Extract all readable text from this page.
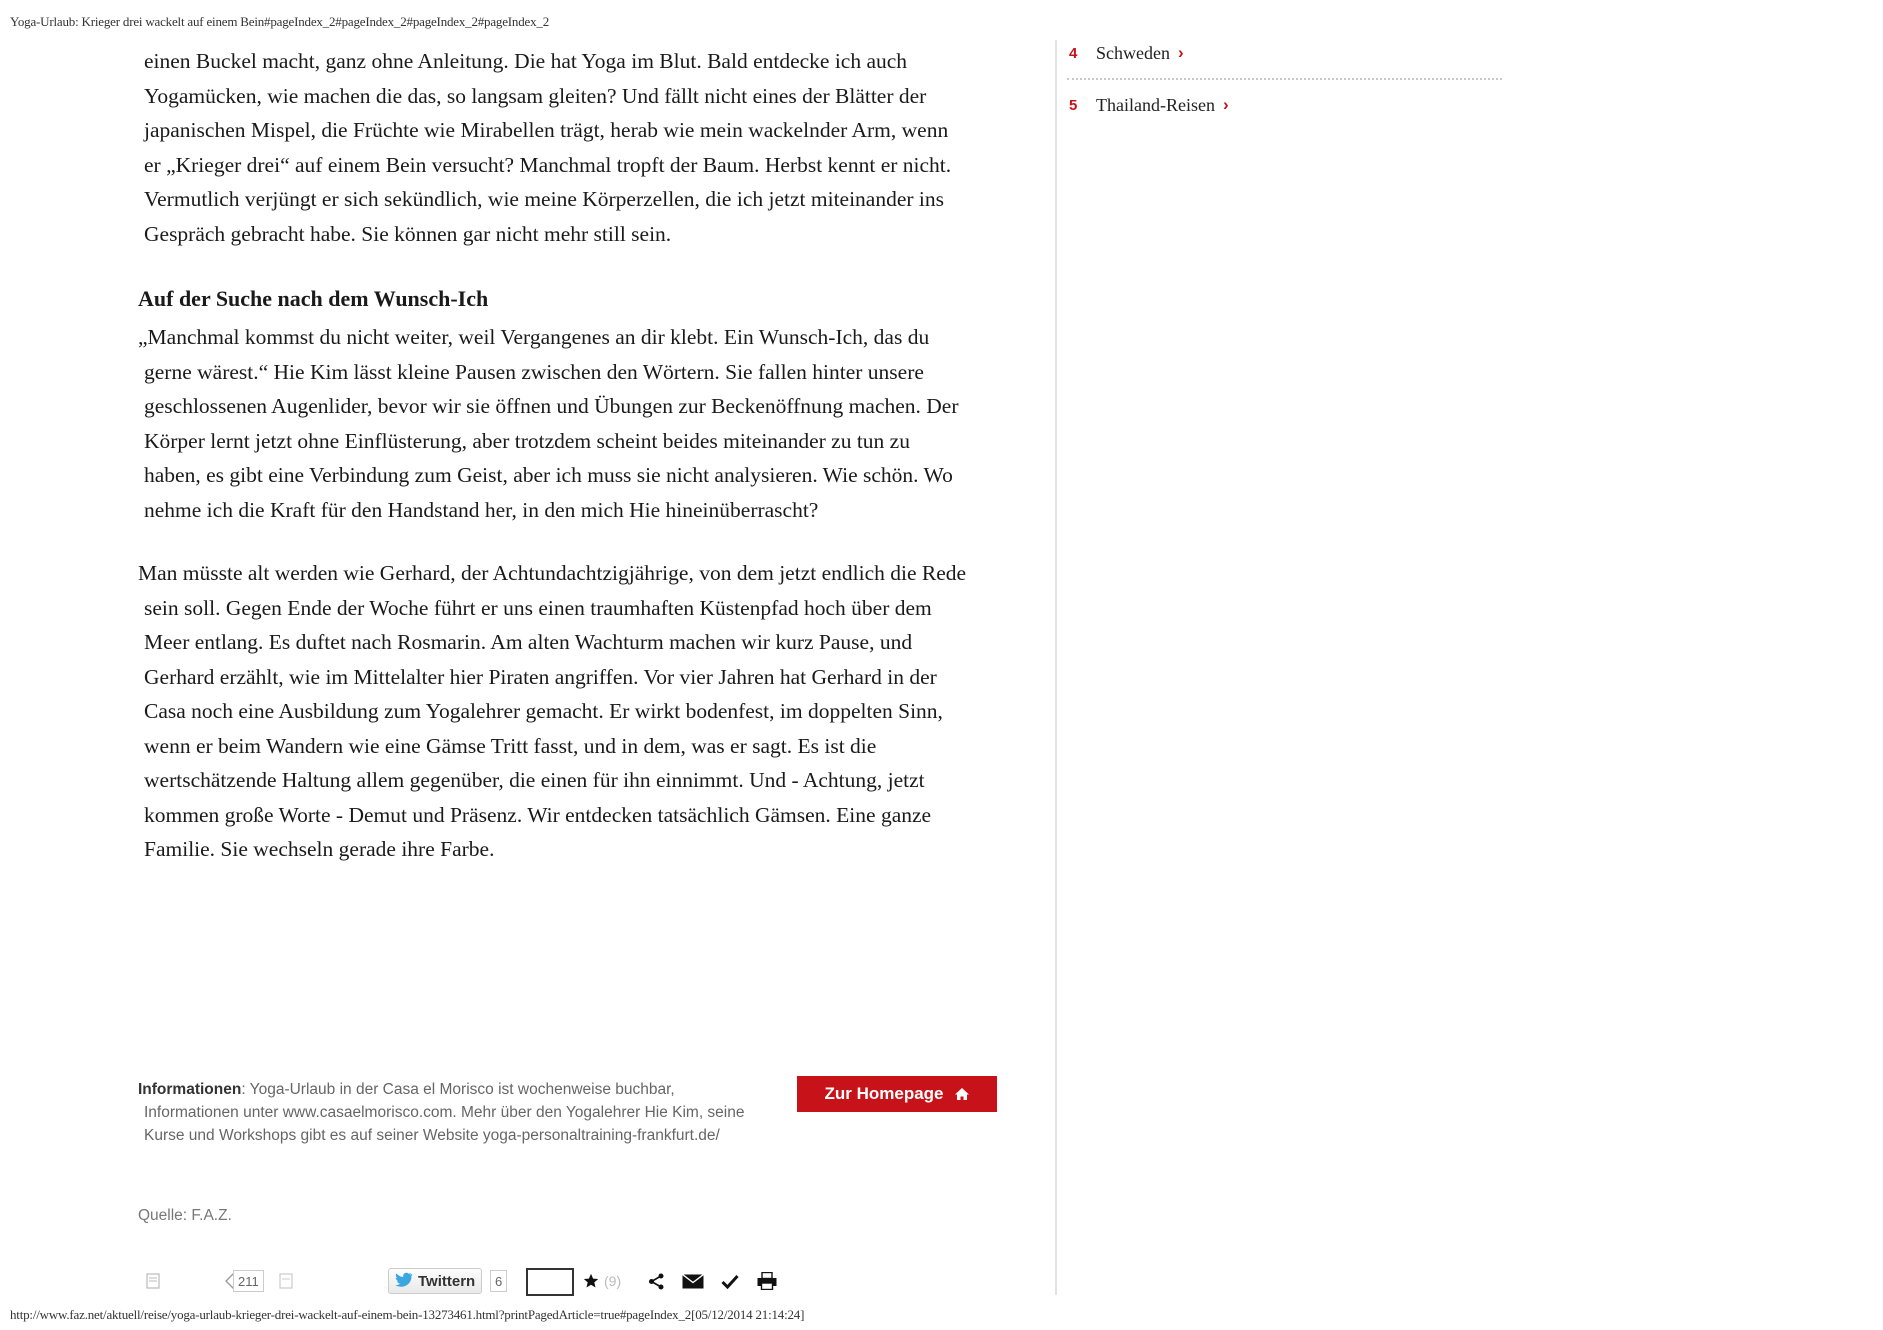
Yoga-Urlaub: Krieger drei wackelt auf einem Bein#pageIndex_2#pageIndex_2#pageIndex_2#pageIndex_2

einen Buckel macht, ganz ohne Anleitung. Die hat Yoga im Blut. Bald entdecke ich auch Yogamücken, wie machen die das, so langsam gleiten? Und fällt nicht eines der Blätter der japanischen Mispel, die Früchte wie Mirabellen trägt, herab wie mein wackelnder Arm, wenn er „Krieger drei“ auf einem Bein versucht? Manchmal tropft der Baum. Herbst kennt er nicht. Vermutlich verjüngt er sich sekündlich, wie meine Körperzellen, die ich jetzt miteinander ins Gespräch gebracht habe. Sie können gar nicht mehr still sein.

Auf der Suche nach dem Wunsch-Ich

„Manchmal kommst du nicht weiter, weil Vergangenes an dir klebt. Ein Wunsch-Ich, das du gerne wärest.“ Hie Kim lässt kleine Pausen zwischen den Wörtern. Sie fallen hinter unsere geschlossenen Augenlider, bevor wir sie öffnen und Übungen zur Beckenöffnung machen. Der Körper lernt jetzt ohne Einflüsterung, aber trotzdem scheint beides miteinander zu tun zu haben, es gibt eine Verbindung zum Geist, aber ich muss sie nicht analysieren. Wie schön. Wo nehme ich die Kraft für den Handstand her, in den mich Hie hineinüberrascht?

Man müsste alt werden wie Gerhard, der Achtundachtzigjährige, von dem jetzt endlich die Rede sein soll. Gegen Ende der Woche führt er uns einen traumhaften Küstenpfad hoch über dem Meer entlang. Es duftet nach Rosmarin. Am alten Wachturm machen wir kurz Pause, und Gerhard erzählt, wie im Mittelalter hier Piraten angriffen. Vor vier Jahren hat Gerhard in der Casa noch eine Ausbildung zum Yogalehrer gemacht. Er wirkt bodenfest, im doppelten Sinn, wenn er beim Wandern wie eine Gämse Tritt fasst, und in dem, was er sagt. Es ist die wertschätzende Haltung allem gegenüber, die einen für ihn einnimmt. Und - Achtung, jetzt kommen große Worte - Demut und Präsenz. Wir entdecken tatsächlich Gämsen. Eine ganze Familie. Sie wechseln gerade ihre Farbe.

Informationen: Yoga-Urlaub in der Casa el Morisco ist wochenweise buchbar, Informationen unter www.casaelmorisco.com. Mehr über den Yogalehrer Hie Kim, seine Kurse und Workshops gibt es auf seiner Website yoga-personaltraining-frankfurt.de/
Quelle: F.A.Z.
Zur Homepage
4	Schweden ›
5	Thailand-Reisen ›
211	Twittern	6	(9)
http://www.faz.net/aktuell/reise/yoga-urlaub-krieger-drei-wackelt-auf-einem-bein-13273461.html?printPagedArticle=true#pageIndex_2[05/12/2014 21:14:24]
